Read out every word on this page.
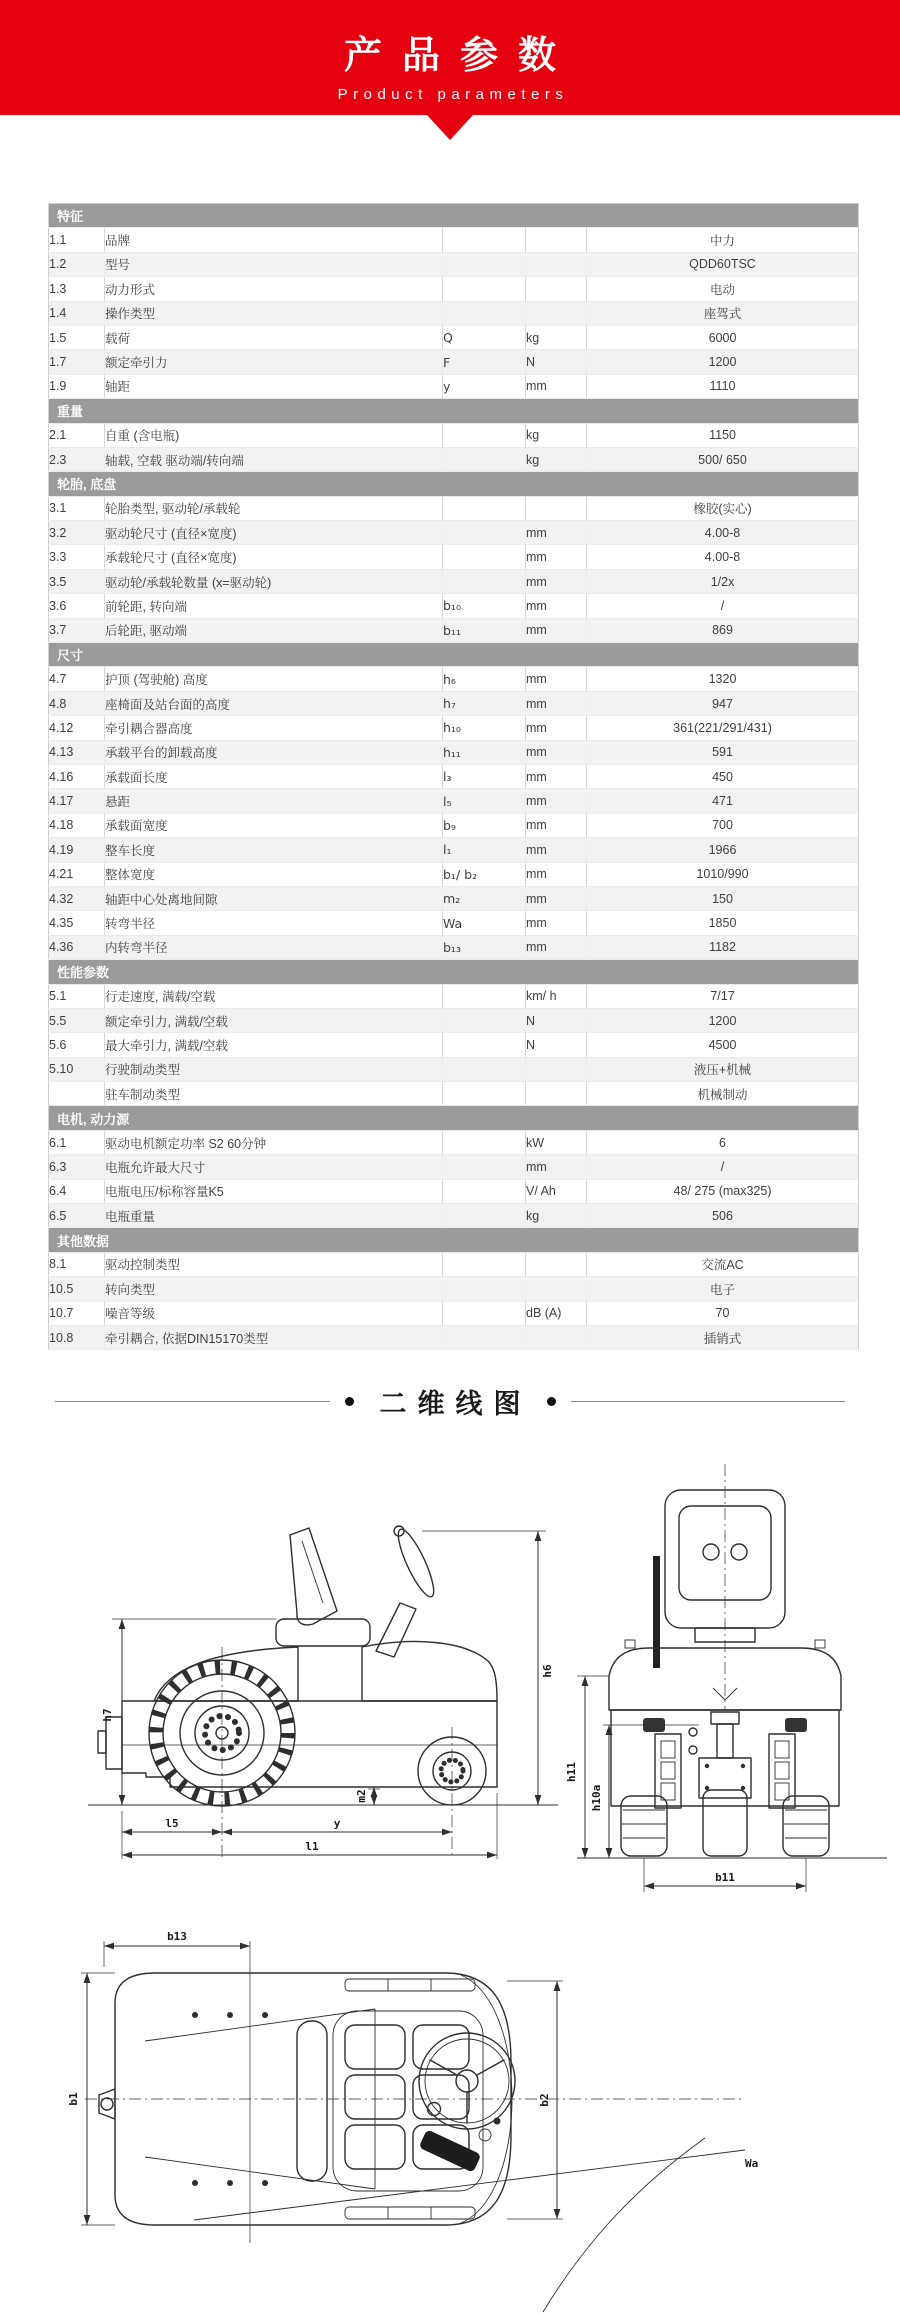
产品参数
Product parameters
特征				
1.1	品牌			中力
1.2	型号			QDD60TSC
1.3	动力形式			电动
1.4	操作类型			座驾式
1.5	载荷	Q	kg	6000
1.7	额定牵引力	F	N	1200
1.9	轴距	y	mm	1110
重量				
2.1	自重 (含电瓶)		kg	1150
2.3	轴载, 空载 驱动端/转向端		kg	500/ 650
轮胎, 底盘				
3.1	轮胎类型, 驱动轮/承载轮			橡胶(实心)
3.2	驱动轮尺寸 (直径×宽度)		mm	4.00-8
3.3	承载轮尺寸 (直径×宽度)		mm	4.00-8
3.5	驱动轮/承载轮数量 (x=驱动轮)		mm	1/2x
3.6	前轮距, 转向端	b₁₀	mm	/
3.7	后轮距, 驱动端	b₁₁	mm	869
尺寸				
4.7	护顶 (驾驶舱) 高度	h₆	mm	1320
4.8	座椅面及站台面的高度	h₇	mm	947
4.12	牵引耦合器高度	h₁₀	mm	361(221/291/431)
4.13	承载平台的卸载高度	h₁₁	mm	591
4.16	承载面长度	l₃	mm	450
4.17	悬距	l₅	mm	471
4.18	承载面宽度	b₉	mm	700
4.19	整车长度	l₁	mm	1966
4.21	整体宽度	b₁/ b₂	mm	1010/990
4.32	轴距中心处离地间隙	m₂	mm	150
4.35	转弯半径	Wa	mm	1850
4.36	内转弯半径	b₁₃	mm	1182
性能参数				
5.1	行走速度, 满载/空载		km/ h	7/17
5.5	额定牵引力, 满载/空载		N	1200
5.6	最大牵引力, 满载/空载		N	4500
5.10	行驶制动类型			液压+机械
	驻车制动类型			机械制动
电机, 动力源				
6.1	驱动电机额定功率 S2 60分钟		kW	6
6.3	电瓶允许最大尺寸		mm	/
6.4	电瓶电压/标称容量K5		V/ Ah	48/ 275 (max325)
6.5	电瓶重量		kg	506
其他数据				
8.1	驱动控制类型			交流AC
10.5	转向类型			电子
10.7	噪音等级		dB (A)	70
10.8	牵引耦合, 依据DIN15170类型			插销式
二维线图
h7
h6
m2
l5	y
l1
h11
h10a
b11
b13
b1	b2
Wa
